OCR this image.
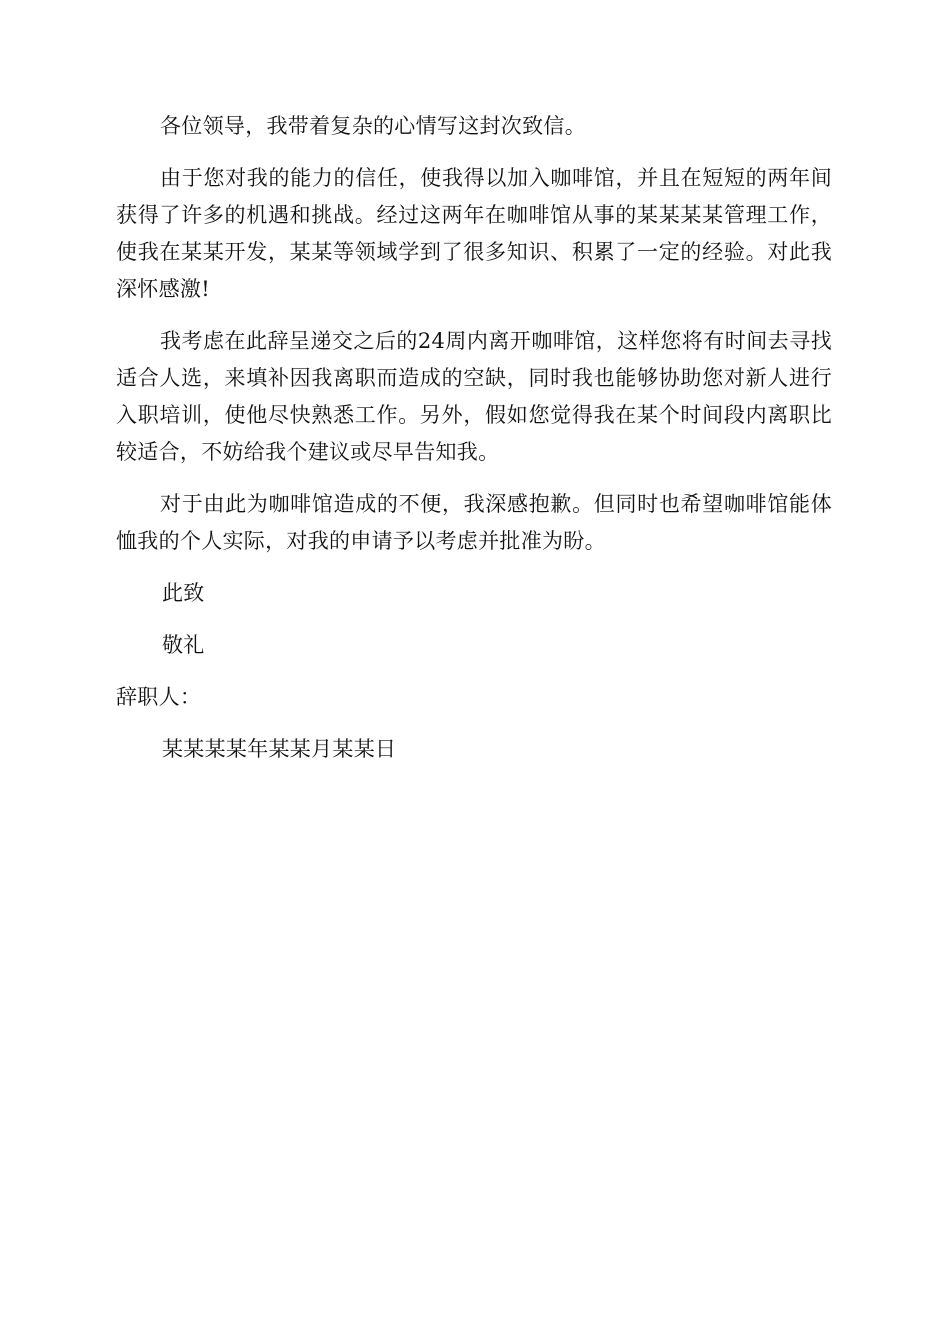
各位领导，我带着复杂的心情写这封次致信。

由于您对我的能力的信任，使我得以加入咖啡馆，并且在短短的两年间获得了许多的机遇和挑战。经过这两年在咖啡馆从事的某某某某管理工作，使我在某某开发，某某等领域学到了很多知识、积累了一定的经验。对此我深怀感激!

我考虑在此辞呈递交之后的24周内离开咖啡馆，这样您将有时间去寻找适合人选，来填补因我离职而造成的空缺，同时我也能够协助您对新人进行入职培训，使他尽快熟悉工作。另外，假如您觉得我在某个时间段内离职比较适合，不妨给我个建议或尽早告知我。

对于由此为咖啡馆造成的不便，我深感抱歉。但同时也希望咖啡馆能体恤我的个人实际，对我的申请予以考虑并批准为盼。

此致
敬礼
辞职人：
某某某某年某某月某某日
